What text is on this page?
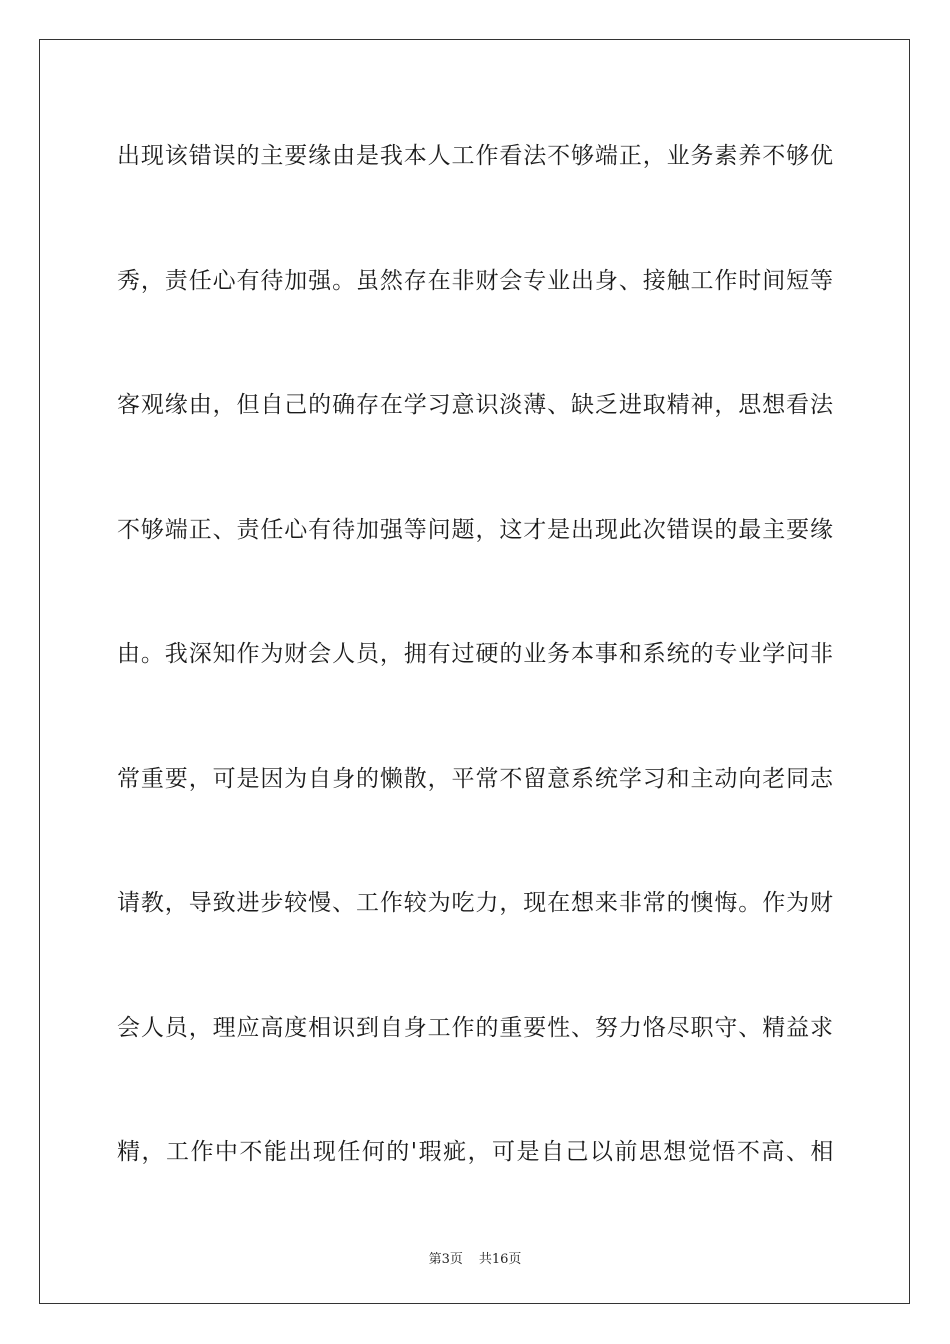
出现该错误的主要缘由是我本人工作看法不够端正，业务素养不够优
秀，责任心有待加强。虽然存在非财会专业出身、接触工作时间短等
客观缘由，但自己的确存在学习意识淡薄、缺乏进取精神，思想看法
不够端正、责任心有待加强等问题，这才是出现此次错误的最主要缘
由。我深知作为财会人员，拥有过硬的业务本事和系统的专业学问非
常重要，可是因为自身的懒散，平常不留意系统学习和主动向老同志
请教，导致进步较慢、工作较为吃力，现在想来非常的懊悔。作为财
会人员，理应高度相识到自身工作的重要性、努力恪尽职守、精益求
精，工作中不能出现任何的'瑕疵，可是自己以前思想觉悟不高、相
第3页 共16页
